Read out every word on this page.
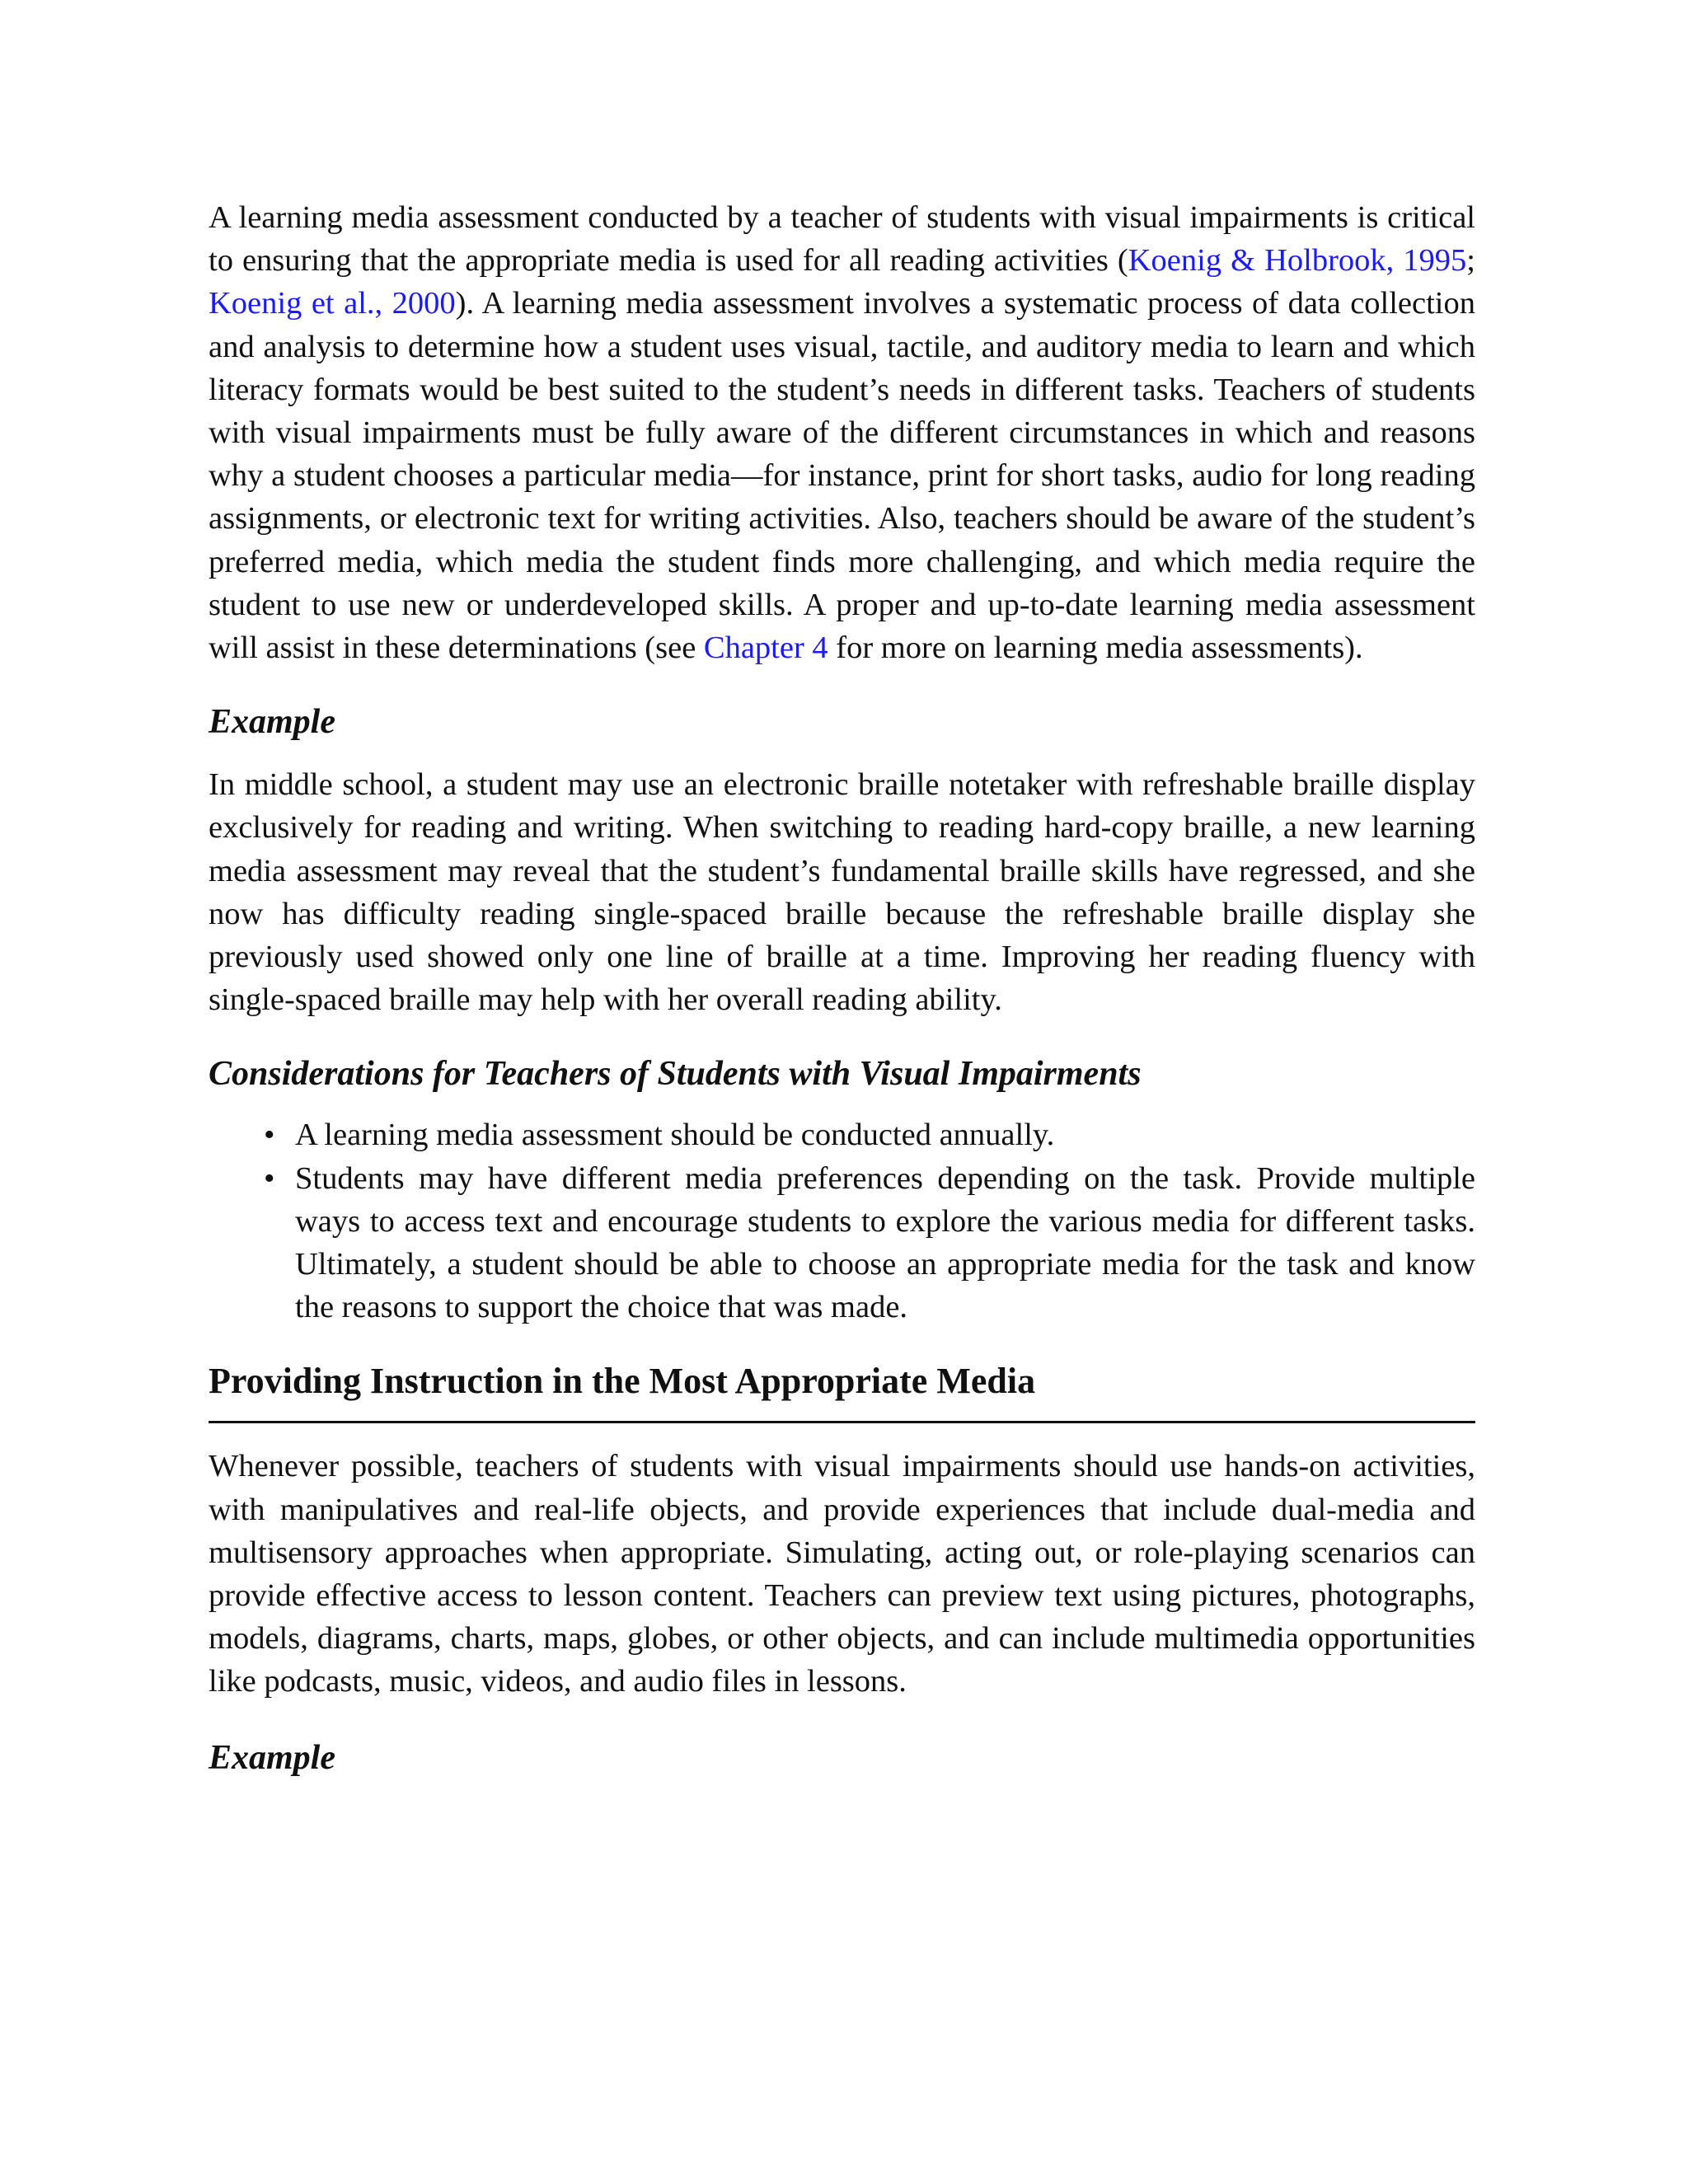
A learning media assessment conducted by a teacher of students with visual impairments is critical to ensuring that the appropriate media is used for all reading activities (Koenig & Holbrook, 1995; Koenig et al., 2000). A learning media assessment involves a systematic process of data collection and analysis to determine how a student uses visual, tactile, and auditory media to learn and which literacy formats would be best suited to the student’s needs in different tasks. Teachers of students with visual impairments must be fully aware of the different circumstances in which and reasons why a student chooses a particular media—for instance, print for short tasks, audio for long reading assignments, or electronic text for writing activities. Also, teachers should be aware of the student’s preferred media, which media the student finds more challenging, and which media require the student to use new or underdeveloped skills. A proper and up-to-date learning media assessment will assist in these determinations (see Chapter 4 for more on learning media assessments).

Example

In middle school, a student may use an electronic braille notetaker with refreshable braille display exclusively for reading and writing. When switching to reading hard-copy braille, a new learning media assessment may reveal that the student’s fundamental braille skills have regressed, and she now has difficulty reading single-spaced braille because the refreshable braille display she previously used showed only one line of braille at a time. Improving her reading fluency with single-spaced braille may help with her overall reading ability.

Considerations for Teachers of Students with Visual Impairments
• A learning media assessment should be conducted annually.
• Students may have different media preferences depending on the task. Provide multiple ways to access text and encourage students to explore the various media for different tasks. Ultimately, a student should be able to choose an appropriate media for the task and know the reasons to support the choice that was made.
Providing Instruction in the Most Appropriate Media

Whenever possible, teachers of students with visual impairments should use hands-on activities, with manipulatives and real-life objects, and provide experiences that include dual-media and multisensory approaches when appropriate. Simulating, acting out, or role-playing scenarios can provide effective access to lesson content. Teachers can preview text using pictures, photographs, models, diagrams, charts, maps, globes, or other objects, and can include multimedia opportunities like podcasts, music, videos, and audio files in lessons.

Example
